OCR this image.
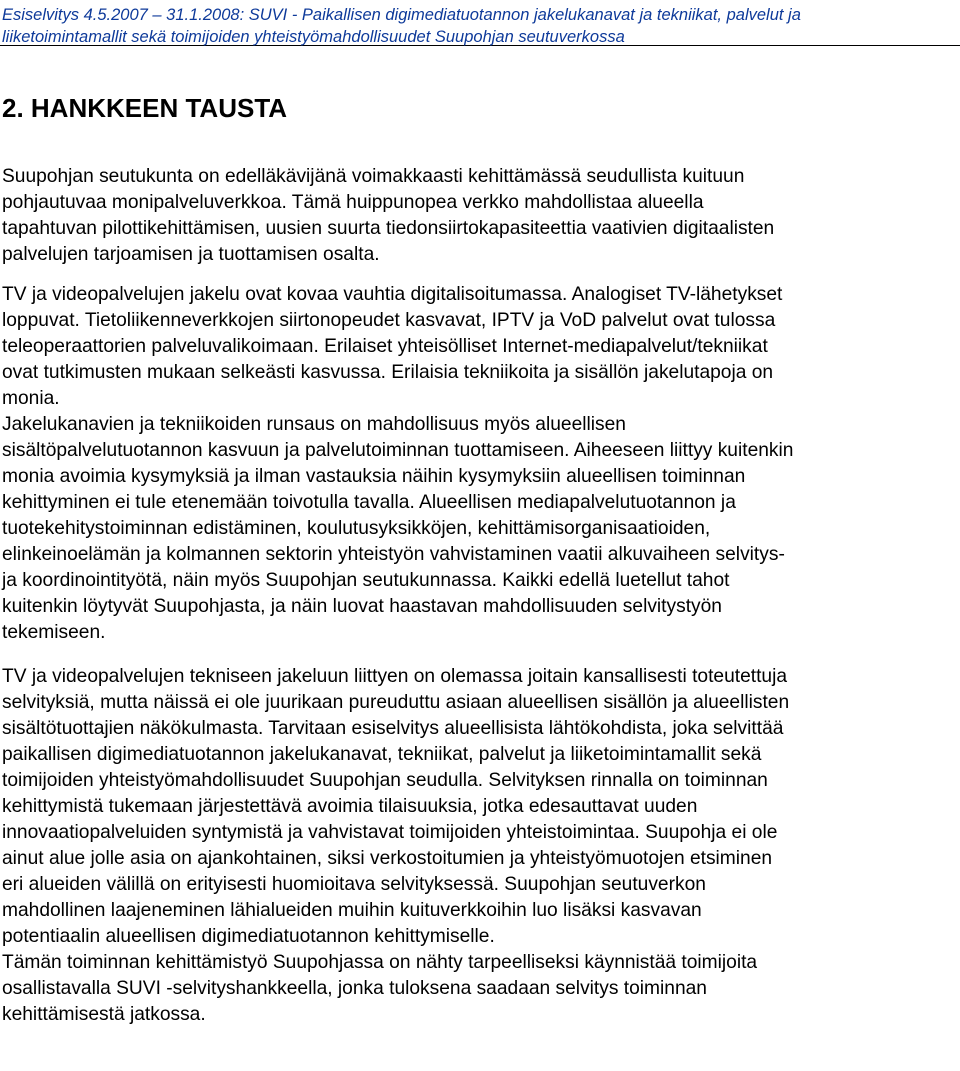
Esiselvitys 4.5.2007 – 31.1.2008: SUVI - Paikallisen digimediatuotannon jakelukanavat ja tekniikat, palvelut ja
liiketoimintamallit sekä toimijoiden yhteistyömahdollisuudet Suupohjan seutuverkossa
2. HANKKEEN TAUSTA
Suupohjan seutukunta on edelläkävijänä voimakkaasti kehittämässä seudullista kuituun
pohjautuvaa monipalveluverkkoa. Tämä huippunopea verkko mahdollistaa alueella
tapahtuvan pilottikehittämisen, uusien suurta tiedonsiirtokapasiteettia vaativien digitaalisten
palvelujen tarjoamisen ja tuottamisen osalta.
TV ja videopalvelujen jakelu ovat kovaa vauhtia digitalisoitumassa. Analogiset TV-lähetykset
loppuvat. Tietoliikenneverkkojen siirtonopeudet kasvavat, IPTV ja VoD palvelut ovat tulossa
teleoperaattorien palveluvalikoimaan. Erilaiset yhteisölliset Internet-mediapalvelut/tekniikat
ovat tutkimusten mukaan selkeästi kasvussa. Erilaisia tekniikoita ja sisällön jakelutapoja on
monia.
Jakelukanavien ja tekniikoiden runsaus on mahdollisuus myös alueellisen
sisältöpalvelutuotannon kasvuun ja palvelutoiminnan tuottamiseen. Aiheeseen liittyy kuitenkin
monia avoimia kysymyksiä ja ilman vastauksia näihin kysymyksiin alueellisen toiminnan
kehittyminen ei tule etenemään toivotulla tavalla. Alueellisen mediapalvelutuotannon ja
tuotekehitystoiminnan edistäminen, koulutusyksikköjen, kehittämisorganisaatioiden,
elinkeinoelämän ja kolmannen sektorin yhteistyön vahvistaminen vaatii alkuvaiheen selvitys-
ja koordinointityötä, näin myös Suupohjan seutukunnassa. Kaikki edellä luetellut tahot
kuitenkin löytyvät Suupohjasta, ja näin luovat haastavan mahdollisuuden selvitystyön
tekemiseen.
TV ja videopalvelujen tekniseen jakeluun liittyen on olemassa joitain kansallisesti toteutettuja
selvityksiä, mutta näissä ei ole juurikaan pureuduttu asiaan alueellisen sisällön ja alueellisten
sisältötuottajien näkökulmasta. Tarvitaan esiselvitys alueellisista lähtökohdista, joka selvittää
paikallisen digimediatuotannon jakelukanavat, tekniikat, palvelut ja liiketoimintamallit sekä
toimijoiden yhteistyömahdollisuudet Suupohjan seudulla. Selvityksen rinnalla on toiminnan
kehittymistä tukemaan järjestettävä avoimia tilaisuuksia, jotka edesauttavat uuden
innovaatiopalveluiden syntymistä ja vahvistavat toimijoiden yhteistoimintaa. Suupohja ei ole
ainut alue jolle asia on ajankohtainen, siksi verkostoitumien ja yhteistyömuotojen etsiminen
eri alueiden välillä on erityisesti huomioitava selvityksessä. Suupohjan seutuverkon
mahdollinen laajeneminen lähialueiden muihin kuituverkkoihin luo lisäksi kasvavan
potentiaalin alueellisen digimediatuotannon kehittymiselle.
Tämän toiminnan kehittämistyö Suupohjassa on nähty tarpeelliseksi käynnistää toimijoita
osallistavalla SUVI -selvityshankkeella, jonka tuloksena saadaan selvitys toiminnan
kehittämisestä jatkossa.
